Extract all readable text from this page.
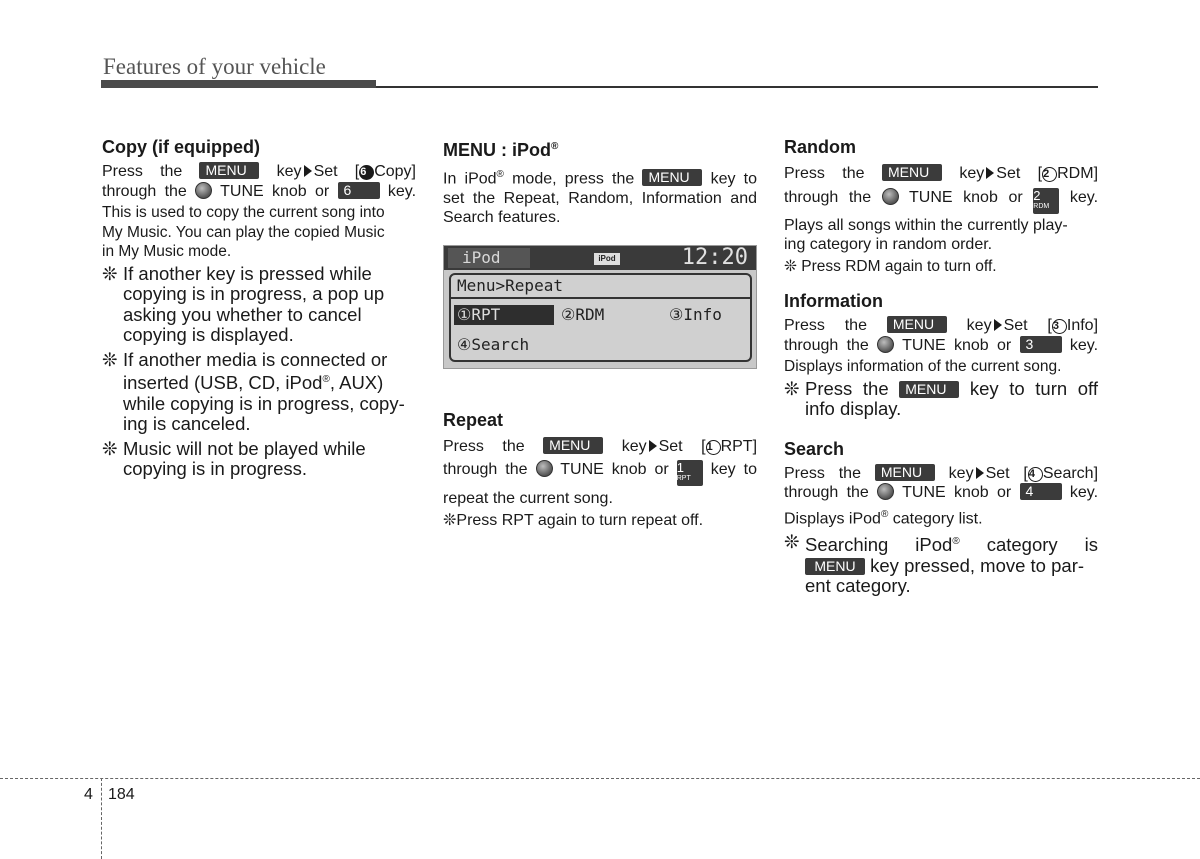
Features of your vehicle
Copy (if equipped)

Press the MENU key Set [6 Copy]

through the TUNE knob or 6 key.

This is used to copy the current song into
My Music. You can play the copied Music
in My Music mode.

❊ If another key is pressed while
copying is in progress, a pop up
asking you whether to cancel
copying is displayed.
❊ If another media is connected or
inserted (USB, CD, iPod®, AUX)
while copying is in progress, copy-
ing is canceled.
❊ Music will not be played while
copying is in progress.
MENU : iPod®

In iPod® mode, press the MENU key to

set the Repeat, Random, Information and

Search features.

iPod	iPod	12:20
Menu>Repeat
①RPT	②RDM	③Info
④Search
Repeat

Press the MENU key Set [1 RPT]

through the TUNE knob or 1
RPT
key to

repeat the current song.

❊Press RPT again to turn repeat off.

Random

Press the MENU key Set [2 RDM]

through the TUNE knob or 2
RDM
key.

Plays all songs within the currently play-
ing category in random order.

❊ Press RDM again to turn off.

Information

Press the MENU key Set [3 Info]

through the TUNE knob or 3 key.

Displays information of the current song.

❊ Press the MENU key to turn off
info display.
Search

Press the MENU key Set [4 Search]

through the TUNE knob or 4 key.

Displays iPod® category list.

❊ Searching iPod® category is
MENU key pressed, move to par-
ent category.
4 184
